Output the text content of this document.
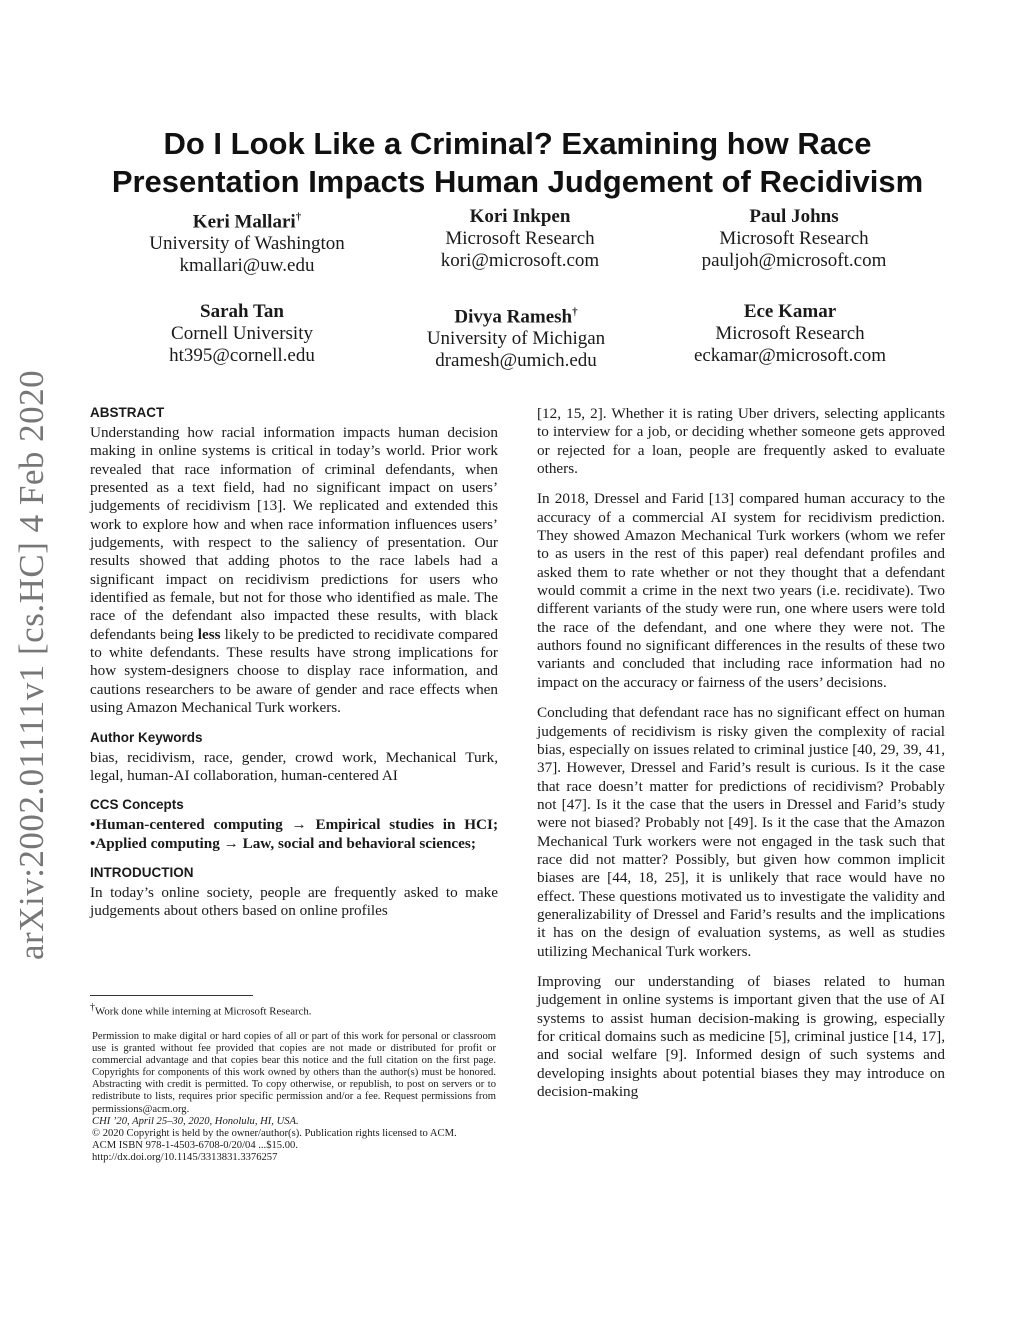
arXiv:2002.01111v1 [cs.HC] 4 Feb 2020
Do I Look Like a Criminal? Examining how Race
Presentation Impacts Human Judgement of Recidivism
Keri Mallari†
University of Washington
kmallari@uw.edu
Kori Inkpen
Microsoft Research
kori@microsoft.com
Paul Johns
Microsoft Research
pauljoh@microsoft.com
Sarah Tan
Cornell University
ht395@cornell.edu
Divya Ramesh†
University of Michigan
dramesh@umich.edu
Ece Kamar
Microsoft Research
eckamar@microsoft.com
ABSTRACT

Understanding how racial information impacts human decision making in online systems is critical in today’s world. Prior work revealed that race information of criminal defendants, when presented as a text field, had no significant impact on users’ judgements of recidivism [13]. We replicated and extended this work to explore how and when race information influences users’ judgements, with respect to the saliency of presentation. Our results showed that adding photos to the race labels had a significant impact on recidivism predictions for users who identified as female, but not for those who identified as male. The race of the defendant also impacted these results, with black defendants being less likely to be predicted to recidivate compared to white defendants. These results have strong implications for how system-designers choose to display race information, and cautions researchers to be aware of gender and race effects when using Amazon Mechanical Turk workers.

Author Keywords

bias, recidivism, race, gender, crowd work, Mechanical Turk, legal, human-AI collaboration, human-centered AI

CCS Concepts

•Human-centered computing → Empirical studies in HCI; •Applied computing → Law, social and behavioral sciences;

INTRODUCTION

In today’s online society, people are frequently asked to make judgements about others based on online profiles

†Work done while interning at Microsoft Research.
Permission to make digital or hard copies of all or part of this work for personal or classroom use is granted without fee provided that copies are not made or distributed for profit or commercial advantage and that copies bear this notice and the full citation on the first page. Copyrights for components of this work owned by others than the author(s) must be honored. Abstracting with credit is permitted. To copy otherwise, or republish, to post on servers or to redistribute to lists, requires prior specific permission and/or a fee. Request permissions from permissions@acm.org.
CHI ’20, April 25–30, 2020, Honolulu, HI, USA.
© 2020 Copyright is held by the owner/author(s). Publication rights licensed to ACM.
ACM ISBN 978-1-4503-6708-0/20/04 ...$15.00.
http://dx.doi.org/10.1145/3313831.3376257

[12, 15, 2]. Whether it is rating Uber drivers, selecting applicants to interview for a job, or deciding whether someone gets approved or rejected for a loan, people are frequently asked to evaluate others.

In 2018, Dressel and Farid [13] compared human accuracy to the accuracy of a commercial AI system for recidivism prediction. They showed Amazon Mechanical Turk workers (whom we refer to as users in the rest of this paper) real defendant profiles and asked them to rate whether or not they thought that a defendant would commit a crime in the next two years (i.e. recidivate). Two different variants of the study were run, one where users were told the race of the defendant, and one where they were not. The authors found no significant differences in the results of these two variants and concluded that including race information had no impact on the accuracy or fairness of the users’ decisions.

Concluding that defendant race has no significant effect on human judgements of recidivism is risky given the complexity of racial bias, especially on issues related to criminal justice [40, 29, 39, 41, 37]. However, Dressel and Farid’s result is curious. Is it the case that race doesn’t matter for predictions of recidivism? Probably not [47]. Is it the case that the users in Dressel and Farid’s study were not biased? Probably not [49]. Is it the case that the Amazon Mechanical Turk workers were not engaged in the task such that race did not matter? Possibly, but given how common implicit biases are [44, 18, 25], it is unlikely that race would have no effect. These questions motivated us to investigate the validity and generalizability of Dressel and Farid’s results and the implications it has on the design of evaluation systems, as well as studies utilizing Mechanical Turk workers.

Improving our understanding of biases related to human judgement in online systems is important given that the use of AI systems to assist human decision-making is growing, especially for critical domains such as medicine [5], criminal justice [14, 17], and social welfare [9]. Informed design of such systems and developing insights about potential biases they may introduce on decision-making
